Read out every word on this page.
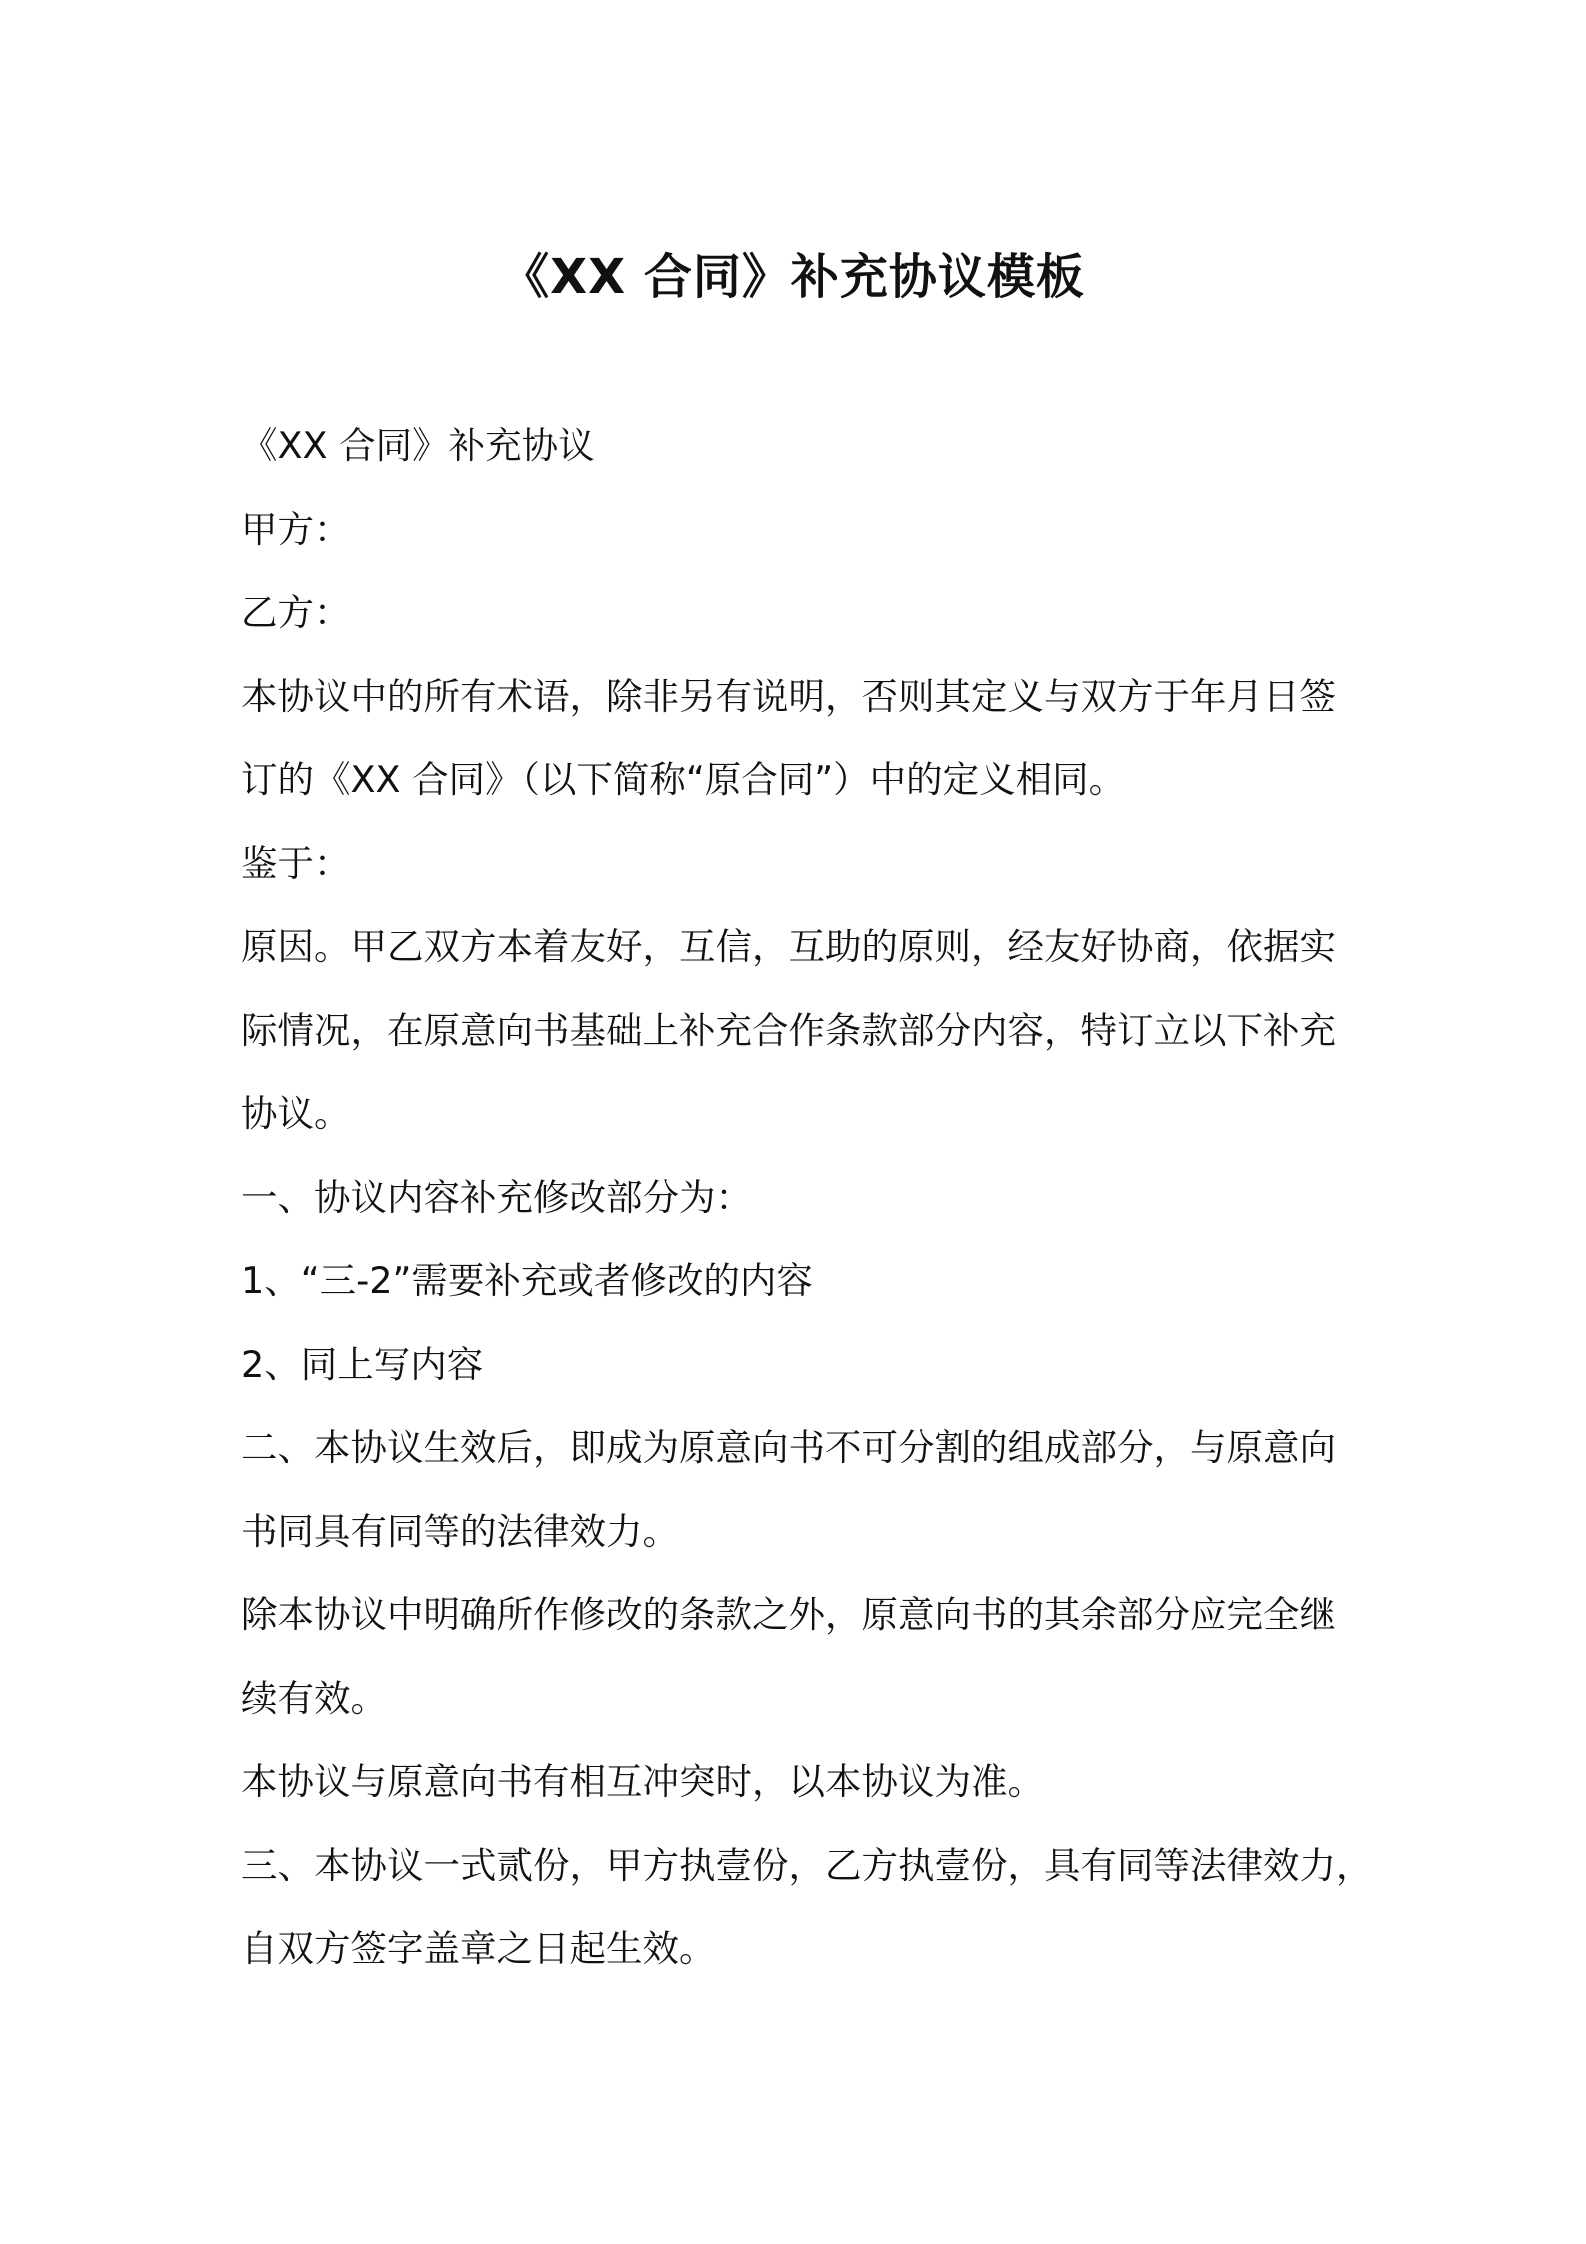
《XX 合同》补充协议模板

《XX 合同》补充协议

甲方：

乙方：

本协议中的所有术语，除非另有说明，否则其定义与双方于年月日签

订的《XX 合同》（以下简称“原合同”）中的定义相同。

鉴于：

原因。甲乙双方本着友好，互信，互助的原则，经友好协商，依据实

际情况，在原意向书基础上补充合作条款部分内容，特订立以下补充

协议。

一、协议内容补充修改部分为：

1、“三-2”需要补充或者修改的内容

2、同上写内容

二、本协议生效后，即成为原意向书不可分割的组成部分，与原意向

书同具有同等的法律效力。

除本协议中明确所作修改的条款之外，原意向书的其余部分应完全继

续有效。

本协议与原意向书有相互冲突时，以本协议为准。

三、本协议一式贰份，甲方执壹份，乙方执壹份，具有同等法律效力，

自双方签字盖章之日起生效。
